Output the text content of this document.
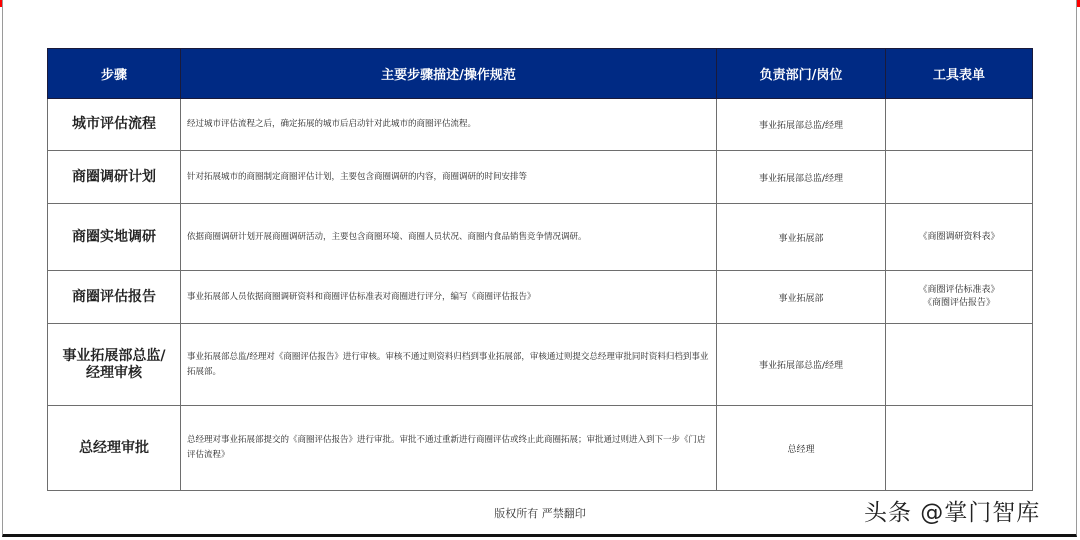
步骤	主要步骤描述/操作规范	负责部门/岗位	工具表单
城市评估流程	经过城市评估流程之后，确定拓展的城市后启动针对此城市的商圈评估流程。	事业拓展部总监/经理	

商圈调研计划	针对拓展城市的商圈制定商圈评估计划，主要包含商圈调研的内容，商圈调研的时间安排等	事业拓展部总监/经理	

商圈实地调研	依据商圈调研计划开展商圈调研活动，主要包含商圈环境、商圈人员状况、商圈内食品销售竞争情况调研。	事业拓展部	《商圈调研资料表》

商圈评估报告	事业拓展部人员依据商圈调研资料和商圈评估标准表对商圈进行评分，编写《商圈评估报告》	事业拓展部	《商圈评估标准表》
《商圈评估报告》

事业拓展部总监/经理审核	事业拓展部总监/经理对《商圈评估报告》进行审核。审核不通过则资料归档到事业拓展部，审核通过则提交总经理审批同时资料归档到事业拓展部。	事业拓展部总监/经理	

总经理审批	总经理对事业拓展部提交的《商圈评估报告》进行审批。审批不通过重新进行商圈评估或终止此商圈拓展；审批通过则进入到下一步《门店评估流程》	总经理	
版权所有 严禁翻印	头条 @掌门智库
